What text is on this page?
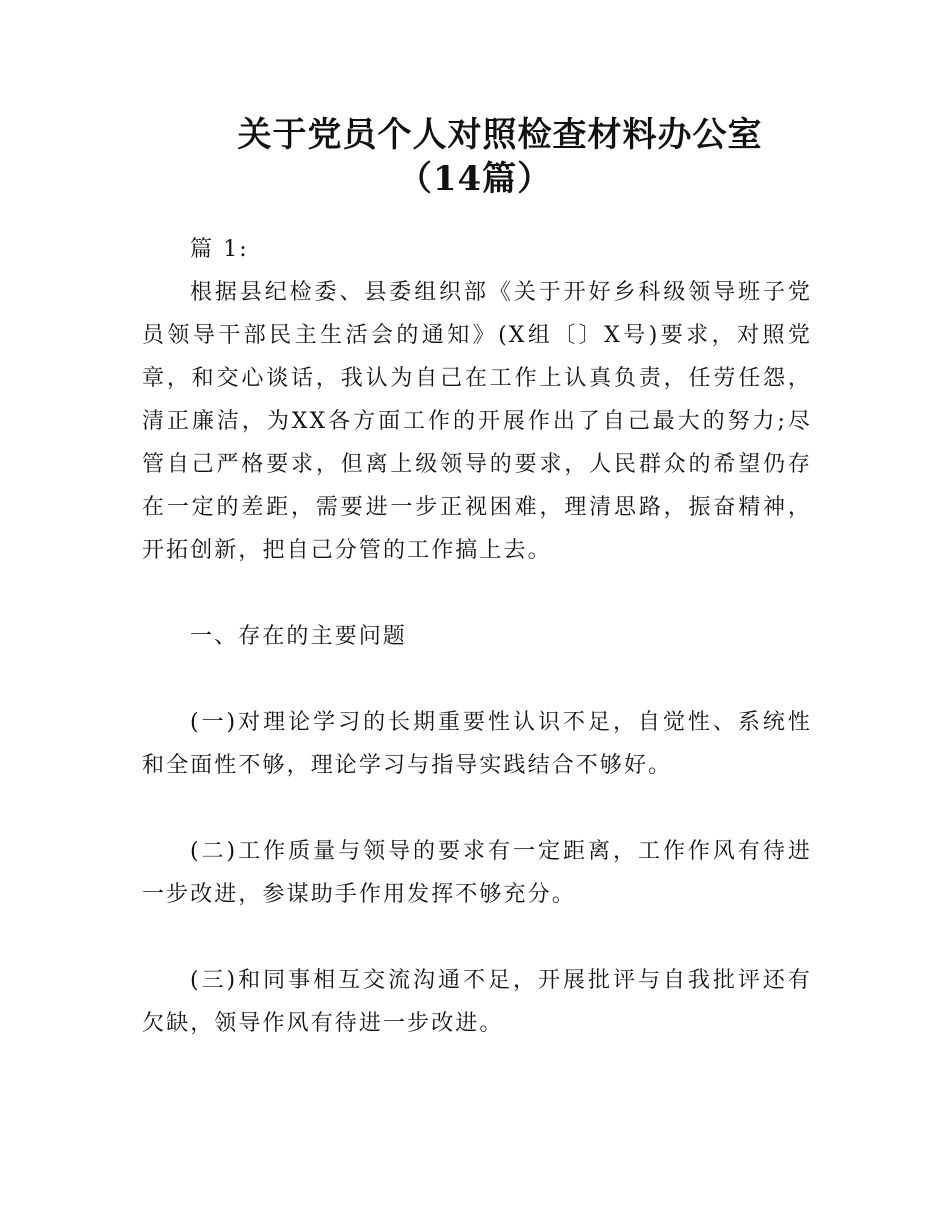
关于党员个人对照检查材料办公室
（14篇）

篇 1:

根据县纪检委、县委组织部《关于开好乡科级领导班子党员领导干部民主生活会的通知》(X组〔〕X号)要求，对照党章，和交心谈话，我认为自己在工作上认真负责，任劳任怨，清正廉洁，为XX各方面工作的开展作出了自己最大的努力;尽管自己严格要求，但离上级领导的要求，人民群众的希望仍存在一定的差距，需要进一步正视困难，理清思路，振奋精神，开拓创新，把自己分管的工作搞上去。

一、存在的主要问题

(一)对理论学习的长期重要性认识不足，自觉性、系统性和全面性不够，理论学习与指导实践结合不够好。

(二)工作质量与领导的要求有一定距离，工作作风有待进一步改进，参谋助手作用发挥不够充分。

(三)和同事相互交流沟通不足，开展批评与自我批评还有欠缺，领导作风有待进一步改进。
